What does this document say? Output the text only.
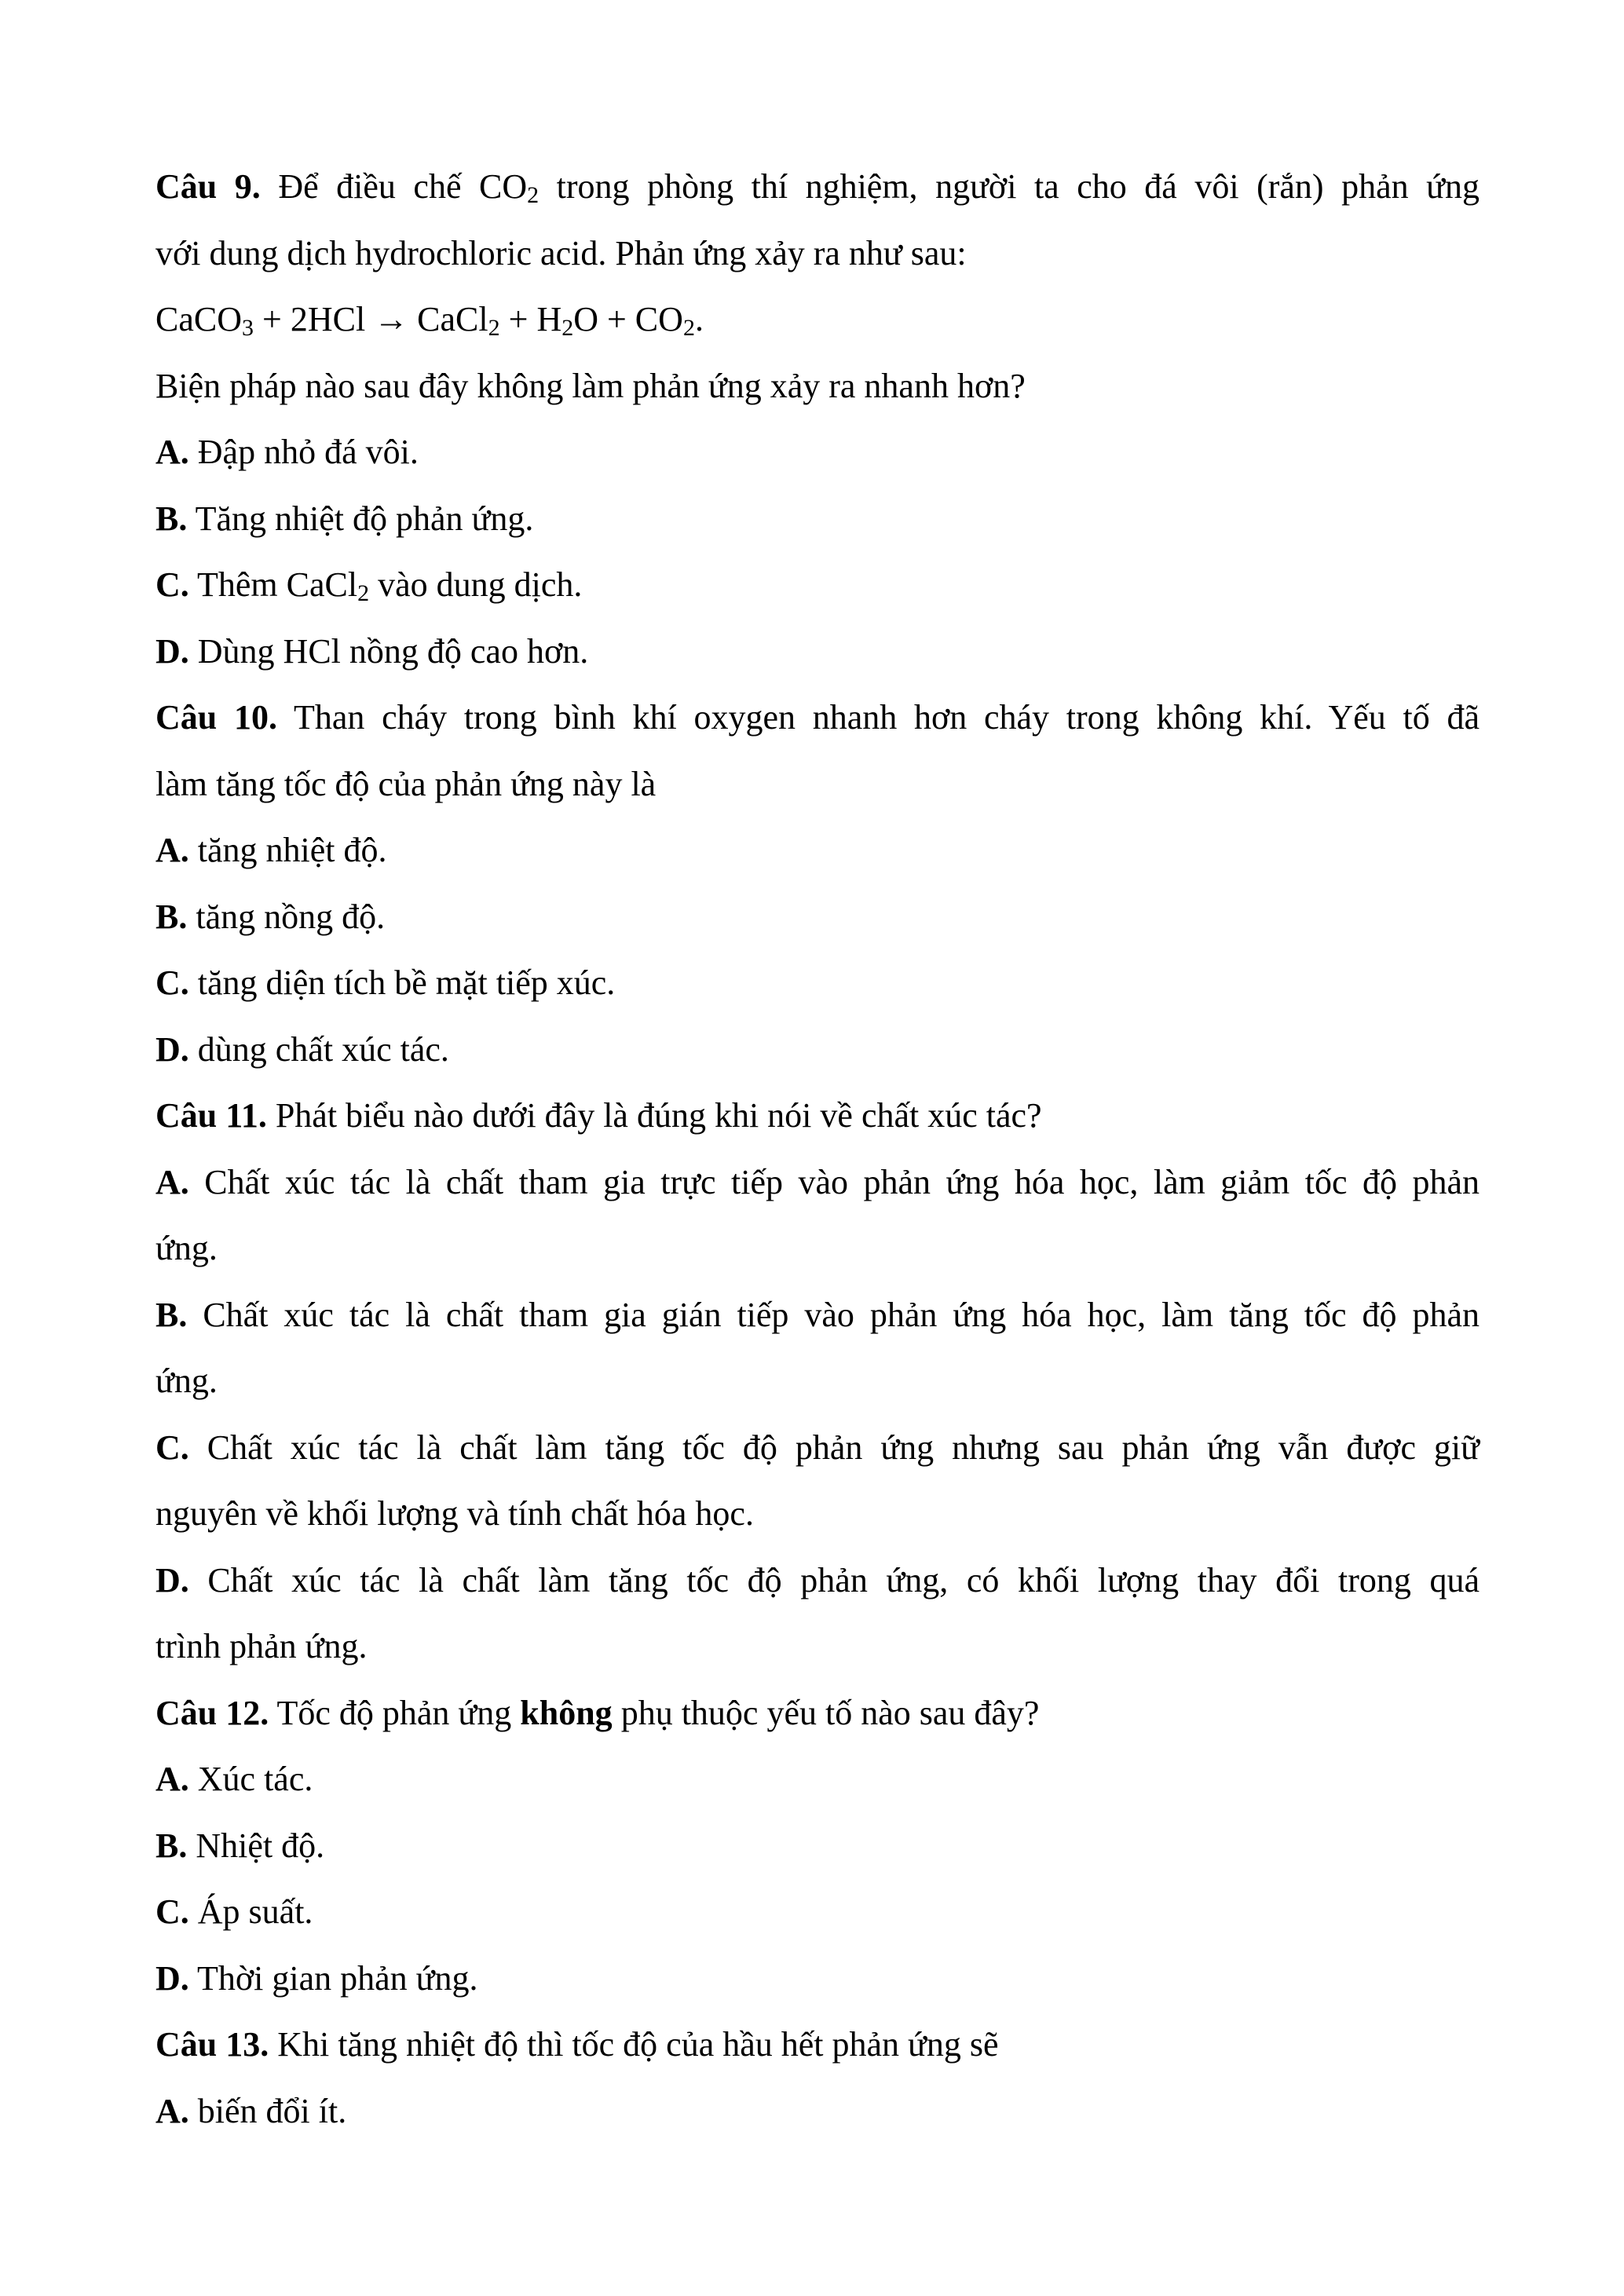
Câu 9. Để điều chế $CO_2$ trong phòng thí nghiệm, người ta cho đá vôi (rắn) phản ứng
với dung dịch hydrochloric acid. Phản ứng xảy ra như sau:
CaCO$_3$ + 2HCl → CaCl$_2$ + $H_2O + CO_2$.
Biện pháp nào sau đây không làm phản ứng xảy ra nhanh hơn?
A. Đập nhỏ đá vôi.
B. Tăng nhiệt độ phản ứng.
C. Thêm CaCl$_2$ vào dung dịch.
D. Dùng HCl nồng độ cao hơn.
Câu 10. Than cháy trong bình khí oxygen nhanh hơn cháy trong không khí. Yếu tố đã
làm tăng tốc độ của phản ứng này là
A. tăng nhiệt độ.
B. tăng nồng độ.
C. tăng diện tích bề mặt tiếp xúc.
D. dùng chất xúc tác.
Câu 11. Phát biểu nào dưới đây là đúng khi nói về chất xúc tác?
A. Chất xúc tác là chất tham gia trực tiếp vào phản ứng hóa học, làm giảm tốc độ phản
ứng.
B. Chất xúc tác là chất tham gia gián tiếp vào phản ứng hóa học, làm tăng tốc độ phản
ứng.
C. Chất xúc tác là chất làm tăng tốc độ phản ứng nhưng sau phản ứng vẫn được giữ
nguyên về khối lượng và tính chất hóa học.
D. Chất xúc tác là chất làm tăng tốc độ phản ứng, có khối lượng thay đổi trong quá
trình phản ứng.
Câu 12. Tốc độ phản ứng không phụ thuộc yếu tố nào sau đây?
A. Xúc tác.
B. Nhiệt độ.
C. Áp suất.
D. Thời gian phản ứng.
Câu 13. Khi tăng nhiệt độ thì tốc độ của hầu hết phản ứng sẽ
A. biến đổi ít.
